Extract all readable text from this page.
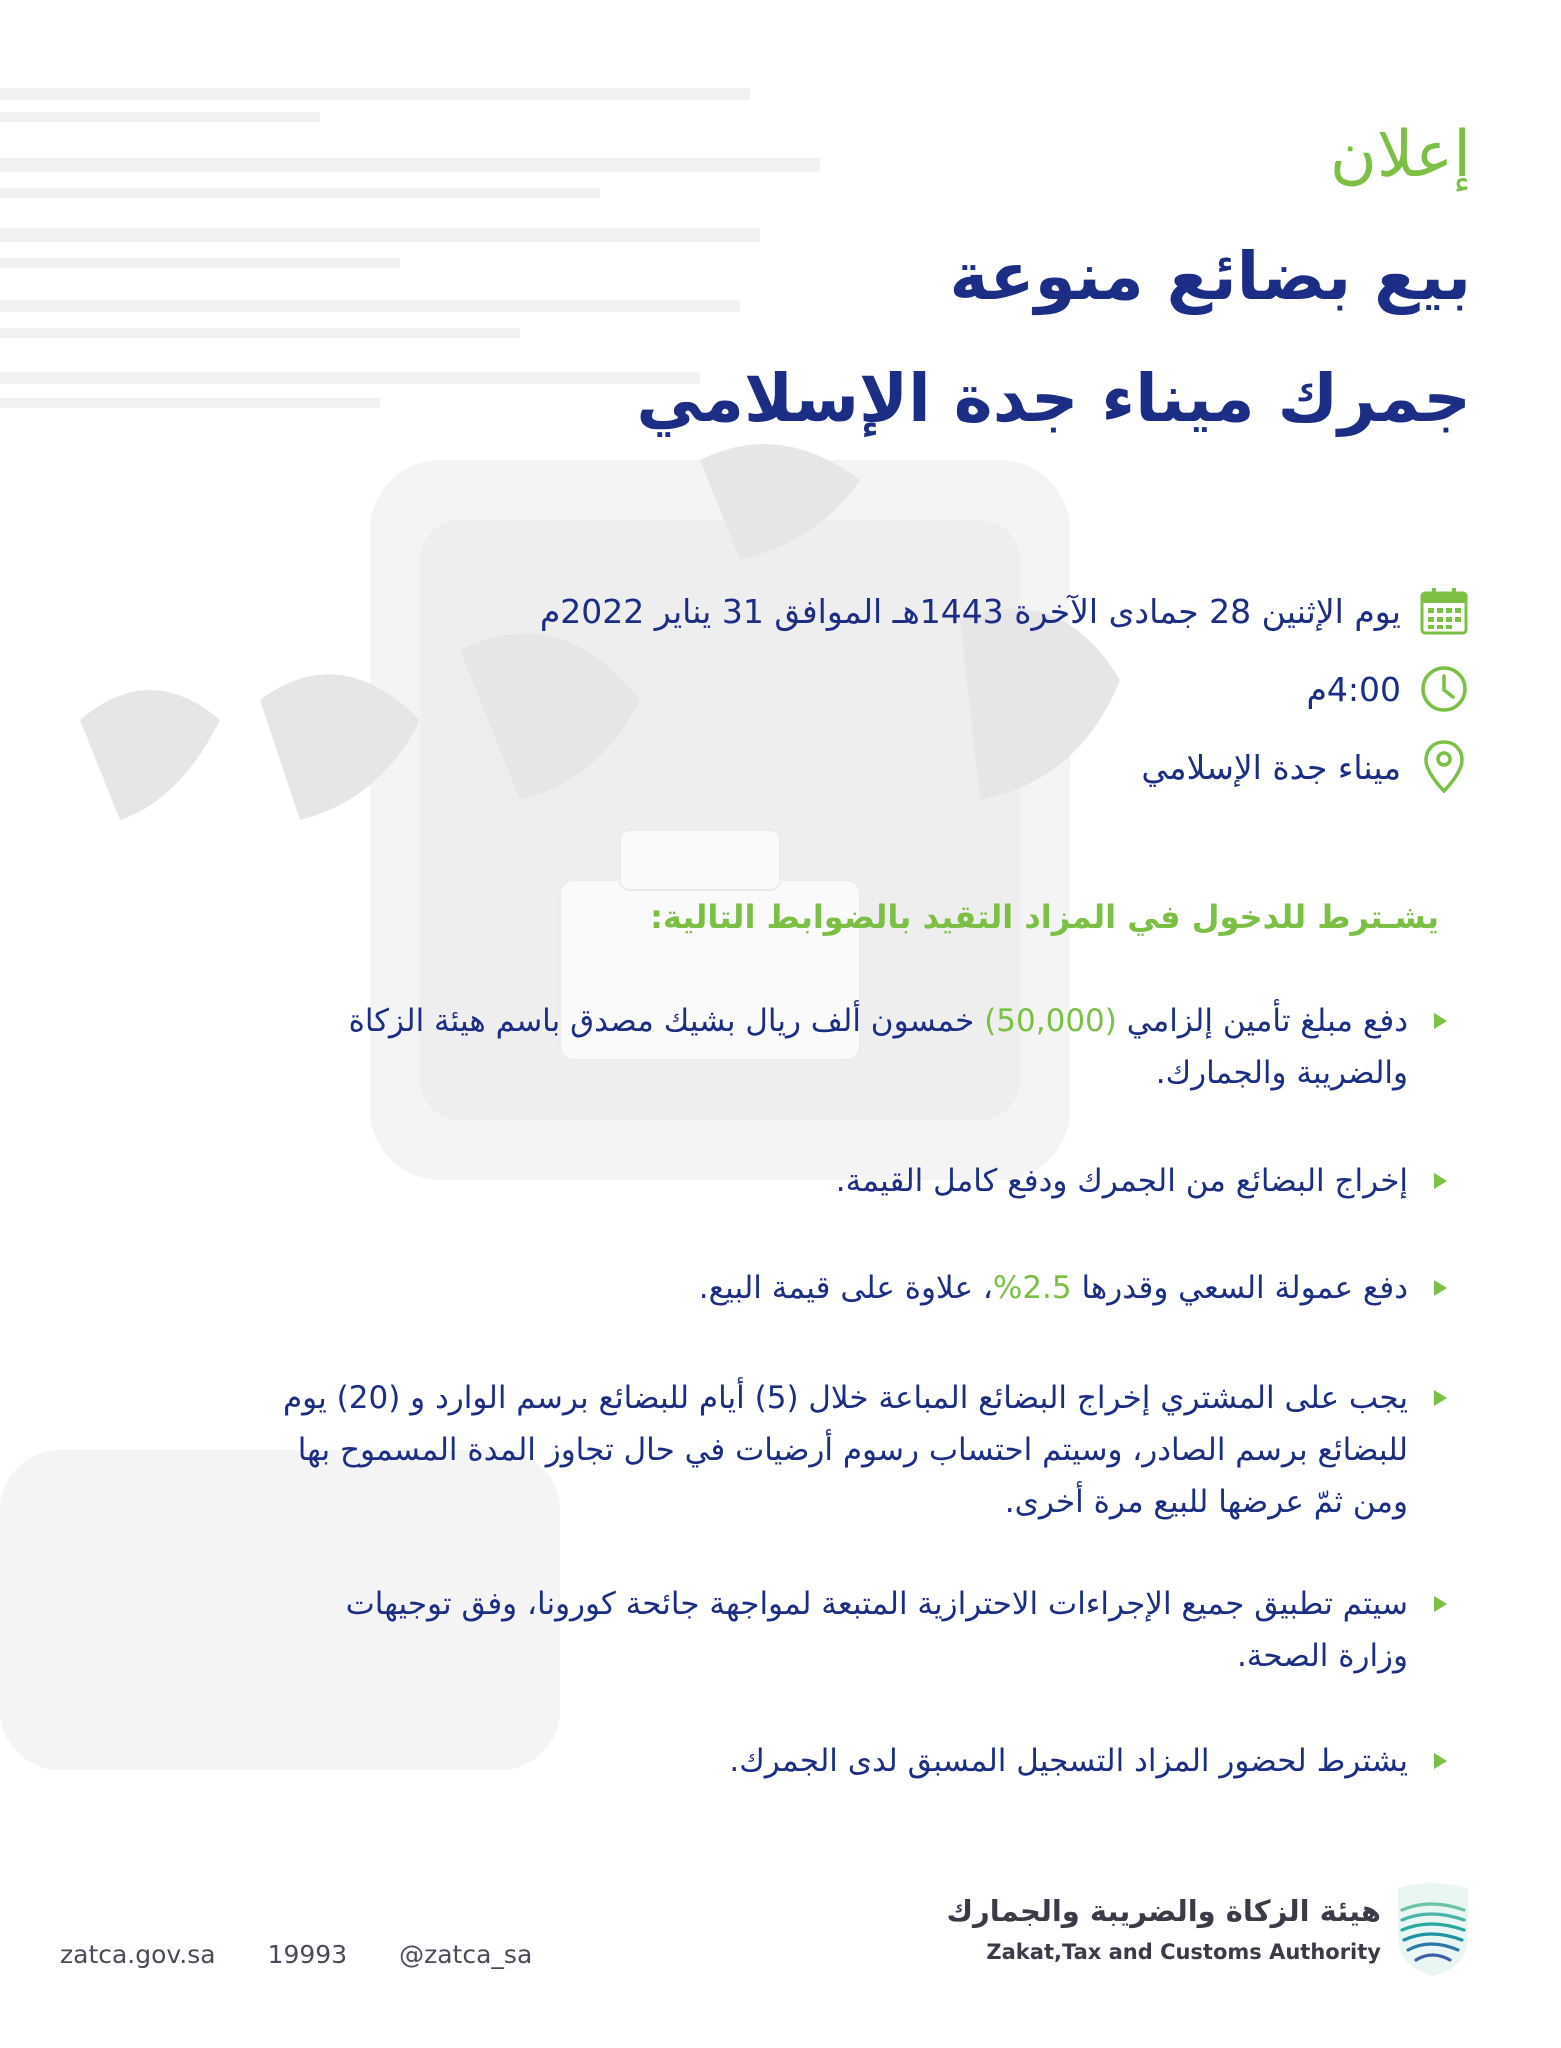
إعلان
بيع بضائع منوعة
جمرك ميناء جدة الإسلامي
يوم الإثنين 28 جمادى الآخرة 1443هـ الموافق 31 يناير 2022م
4:00م
ميناء جدة الإسلامي
يشـترط للدخول في المزاد التقيد بالضوابط التالية:
دفع مبلغ تأمين إلزامي (50,000) خمسون ألف ريال بشيك مصدق باسم هيئة الزكاة والضريبة والجمارك.
إخراج البضائع من الجمرك ودفع كامل القيمة.
دفع عمولة السعي وقدرها 2.5%، علاوة على قيمة البيع.
يجب على المشتري إخراج البضائع المباعة خلال (5) أيام للبضائع برسم الوارد و (20) يوم للبضائع برسم الصادر، وسيتم احتساب رسوم أرضيات في حال تجاوز المدة المسموح بها ومن ثمّ عرضها للبيع مرة أخرى.
سيتم تطبيق جميع الإجراءات الاحترازية المتبعة لمواجهة جائحة كورونا، وفق توجيهات وزارة الصحة.
يشترط لحضور المزاد التسجيل المسبق لدى الجمرك.
zatca.gov.sa 19993 @zatca_sa
هيئة الزكاة والضريبة والجمارك
Zakat,Tax and Customs Authority
